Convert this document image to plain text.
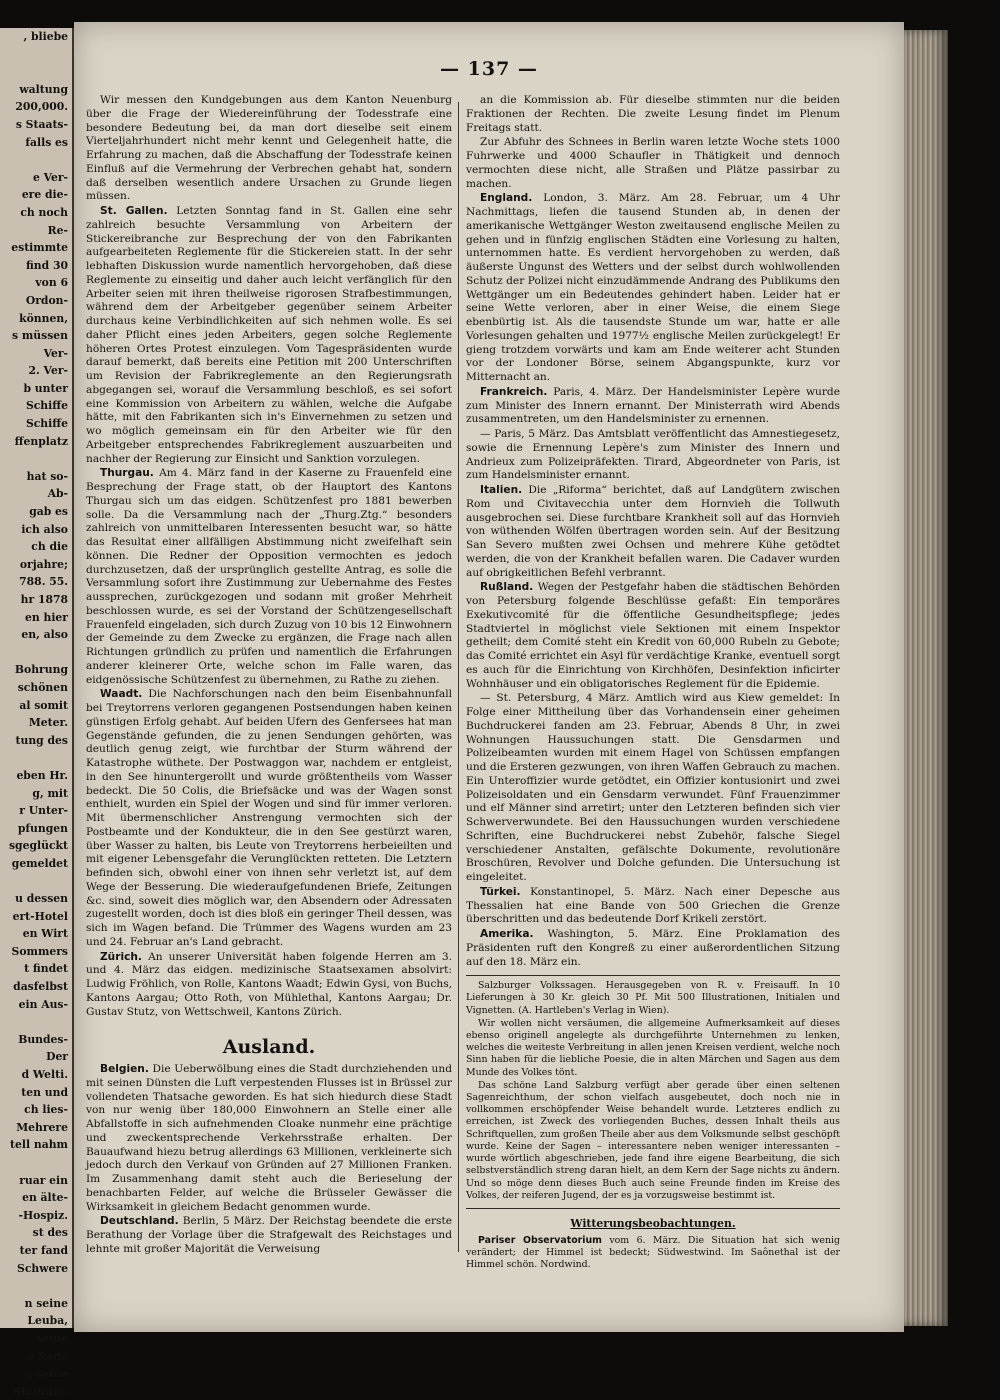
, bliebe

waltung
200,000.
s Staats-
falls es

e Ver-
ere die-
ch noch
Re-
estimmte
find 30
von 6
Ordon-
können,
s müssen
Ver-
2. Ver-
b unter
Schiffe
Schiffe
ffenplatz

hat so-
Ab-
gab es
ich also
ch die
orjahre;
788. 55.
hr 1878
en hier
en, also

Bohrung
schönen
al somit
Meter.
tung des

eben Hr.
g, mit
r Unter-
pfungen
sgeglückt
gemeldet

u dessen
ert-Hotel
en Wirt
Sommers
t findet
dasfelbst
ein Aus-

Bundes-
Der
d Welti.
ten und
ch lies-
Mehrere
tell nahm

ruar ein
en älte-
-Hospiz.
st des
ter fand
Schwere

n seine
Leuba,
seine
e Rede
g seine
Stellung.
— 137 —

Wir messen den Kundgebungen aus dem Kanton Neuenburg über die Frage der Wiedereinführung der Todesstrafe eine besondere Bedeutung bei, da man dort dieselbe seit einem Vierteljahrhundert nicht mehr kennt und Gelegenheit hatte, die Erfahrung zu machen, daß die Abschaffung der Todesstrafe keinen Einfluß auf die Vermehrung der Verbrechen gehabt hat, sondern daß derselben wesentlich andere Ursachen zu Grunde liegen müssen.

St. Gallen. Letzten Sonntag fand in St. Gallen eine sehr zahlreich besuchte Versammlung von Arbeitern der Stickereibranche zur Besprechung der von den Fabrikanten aufgearbeiteten Reglemente für die Stickereien statt. In der sehr lebhaften Diskussion wurde namentlich hervorgehoben, daß diese Reglemente zu einseitig und daher auch leicht verfänglich für den Arbeiter seien mit ihren theilweise rigorosen Strafbestimmungen, während dem der Arbeitgeber gegenüber seinem Arbeiter durchaus keine Verbindlichkeiten auf sich nehmen wolle. Es sei daher Pflicht eines jeden Arbeiters, gegen solche Reglemente höheren Ortes Protest einzulegen. Vom Tagespräsidenten wurde darauf bemerkt, daß bereits eine Petition mit 200 Unterschriften um Revision der Fabrikreglemente an den Regierungsrath abgegangen sei, worauf die Versammlung beschloß, es sei sofort eine Kommission von Arbeitern zu wählen, welche die Aufgabe hätte, mit den Fabrikanten sich in's Einvernehmen zu setzen und wo möglich gemeinsam ein für den Arbeiter wie für den Arbeitgeber entsprechendes Fabrikreglement auszuarbeiten und nachher der Regierung zur Einsicht und Sanktion vorzulegen.

Thurgau. Am 4. März fand in der Kaserne zu Frauenfeld eine Besprechung der Frage statt, ob der Hauptort des Kantons Thurgau sich um das eidgen. Schützenfest pro 1881 bewerben solle. Da die Versammlung nach der „Thurg.Ztg.“ besonders zahlreich von unmittelbaren Interessenten besucht war, so hätte das Resultat einer allfälligen Abstimmung nicht zweifelhaft sein können. Die Redner der Opposition vermochten es jedoch durchzusetzen, daß der ursprünglich gestellte Antrag, es solle die Versammlung sofort ihre Zustimmung zur Uebernahme des Festes aussprechen, zurückgezogen und sodann mit großer Mehrheit beschlossen wurde, es sei der Vorstand der Schützengesellschaft Frauenfeld eingeladen, sich durch Zuzug von 10 bis 12 Einwohnern der Gemeinde zu dem Zwecke zu ergänzen, die Frage nach allen Richtungen gründlich zu prüfen und namentlich die Erfahrungen anderer kleinerer Orte, welche schon im Falle waren, das eidgenössische Schützenfest zu übernehmen, zu Rathe zu ziehen.

Waadt. Die Nachforschungen nach den beim Eisenbahnunfall bei Treytorrens verloren gegangenen Postsendungen haben keinen günstigen Erfolg gehabt. Auf beiden Ufern des Genfersees hat man Gegenstände gefunden, die zu jenen Sendungen gehörten, was deutlich genug zeigt, wie furchtbar der Sturm während der Katastrophe wüthete. Der Postwaggon war, nachdem er entgleist, in den See hinuntergerollt und wurde größtentheils vom Wasser bedeckt. Die 50 Colis, die Briefsäcke und was der Wagen sonst enthielt, wurden ein Spiel der Wogen und sind für immer verloren. Mit übermenschlicher Anstrengung vermochten sich der Postbeamte und der Kondukteur, die in den See gestürzt waren, über Wasser zu halten, bis Leute von Treytorrens herbeieilten und mit eigener Lebensgefahr die Verunglückten retteten. Die Letztern befinden sich, obwohl einer von ihnen sehr verletzt ist, auf dem Wege der Besserung. Die wiederaufgefundenen Briefe, Zeitungen &c. sind, soweit dies möglich war, den Absendern oder Adressaten zugestellt worden, doch ist dies bloß ein geringer Theil dessen, was sich im Wagen befand. Die Trümmer des Wagens wurden am 23 und 24. Februar an's Land gebracht.

Zürich. An unserer Universität haben folgende Herren am 3. und 4. März das eidgen. medizinische Staatsexamen absolvirt: Ludwig Fröhlich, von Rolle, Kantons Waadt; Edwin Gysi, von Buchs, Kantons Aargau; Otto Roth, von Mühlethal, Kantons Aargau; Dr. Gustav Stutz, von Wettschweil, Kantons Zürich.

Ausland.

Belgien. Die Ueberwölbung eines die Stadt durchziehenden und mit seinen Dünsten die Luft verpestenden Flusses ist in Brüssel zur vollendeten Thatsache geworden. Es hat sich hiedurch diese Stadt von nur wenig über 180,000 Einwohnern an Stelle einer alle Abfallstoffe in sich aufnehmenden Cloake nunmehr eine prächtige und zweckentsprechende Verkehrsstraße erhalten. Der Bauaufwand hiezu betrug allerdings 63 Millionen, verkleinerte sich jedoch durch den Verkauf von Gründen auf 27 Millionen Franken. Im Zusammenhang damit steht auch die Berieselung der benachbarten Felder, auf welche die Brüsseler Gewässer die Wirksamkeit in gleichem Bedacht genommen wurde.

Deutschland. Berlin, 5 März. Der Reichstag beendete die erste Berathung der Vorlage über die Strafgewalt des Reichstages und lehnte mit großer Majorität die Verweisung

an die Kommission ab. Für dieselbe stimmten nur die beiden Fraktionen der Rechten. Die zweite Lesung findet im Plenum Freitags statt.

Zur Abfuhr des Schnees in Berlin waren letzte Woche stets 1000 Fuhrwerke und 4000 Schaufler in Thätigkeit und dennoch vermochten diese nicht, alle Straßen und Plätze passirbar zu machen.

England. London, 3. März. Am 28. Februar, um 4 Uhr Nachmittags, liefen die tausend Stunden ab, in denen der amerikanische Wettgänger Weston zweitausend englische Meilen zu gehen und in fünfzig englischen Städten eine Vorlesung zu halten, unternommen hatte. Es verdient hervorgehoben zu werden, daß äußerste Ungunst des Wetters und der selbst durch wohlwollenden Schutz der Polizei nicht einzudämmende Andrang des Publikums den Wettgänger um ein Bedeutendes gehindert haben. Leider hat er seine Wette verloren, aber in einer Weise, die einem Siege ebenbürtig ist. Als die tausendste Stunde um war, hatte er alle Vorlesungen gehalten und 1977½ englische Meilen zurückgelegt! Er gieng trotzdem vorwärts und kam am Ende weiterer acht Stunden vor der Londoner Börse, seinem Abgangspunkte, kurz vor Mitternacht an.

Frankreich. Paris, 4. März. Der Handelsminister Lepère wurde zum Minister des Innern ernannt. Der Ministerrath wird Abends zusammentreten, um den Handelsminister zu ernennen.

— Paris, 5 März. Das Amtsblatt veröffentlicht das Amnestiegesetz, sowie die Ernennung Lepère's zum Minister des Innern und Andrieux zum Polizeipräfekten. Tirard, Abgeordneter von Paris, ist zum Handelsminister ernannt.

Italien. Die „Riforma“ berichtet, daß auf Landgütern zwischen Rom und Civitavecchia unter dem Hornvieh die Tollwuth ausgebrochen sei. Diese furchtbare Krankheit soll auf das Hornvieh von wüthenden Wölfen übertragen worden sein. Auf der Besitzung San Severo mußten zwei Ochsen und mehrere Kühe getödtet werden, die von der Krankheit befallen waren. Die Cadaver wurden auf obrigkeitlichen Befehl verbrannt.

Rußland. Wegen der Pestgefahr haben die städtischen Behörden von Petersburg folgende Beschlüsse gefaßt: Ein temporäres Exekutivcomité für die öffentliche Gesundheitspflege; jedes Stadtviertel in möglichst viele Sektionen mit einem Inspektor getheilt; dem Comité steht ein Kredit von 60,000 Rubeln zu Gebote; das Comité errichtet ein Asyl für verdächtige Kranke, eventuell sorgt es auch für die Einrichtung von Kirchhöfen, Desinfektion inficirter Wohnhäuser und ein obligatorisches Reglement für die Epidemie.

— St. Petersburg, 4 März. Amtlich wird aus Kiew gemeldet: In Folge einer Mittheilung über das Vorhandensein einer geheimen Buchdruckerei fanden am 23. Februar, Abends 8 Uhr, in zwei Wohnungen Haussuchungen statt. Die Gensdarmen und Polizeibeamten wurden mit einem Hagel von Schüssen empfangen und die Ersteren gezwungen, von ihren Waffen Gebrauch zu machen. Ein Unteroffizier wurde getödtet, ein Offizier kontusionirt und zwei Polizeisoldaten und ein Gensdarm verwundet. Fünf Frauenzimmer und elf Männer sind arretirt; unter den Letzteren befinden sich vier Schwerverwundete. Bei den Haussuchungen wurden verschiedene Schriften, eine Buchdruckerei nebst Zubehör, falsche Siegel verschiedener Anstalten, gefälschte Dokumente, revolutionäre Broschüren, Revolver und Dolche gefunden. Die Untersuchung ist eingeleitet.

Türkei. Konstantinopel, 5. März. Nach einer Depesche aus Thessalien hat eine Bande von 500 Griechen die Grenze überschritten und das bedeutende Dorf Krikeli zerstört.

Amerika. Washington, 5. März. Eine Proklamation des Präsidenten ruft den Kongreß zu einer außerordentlichen Sitzung auf den 18. März ein.

Salzburger Volkssagen. Herausgegeben von R. v. Freisauff. In 10 Lieferungen à 30 Kr. gleich 30 Pf. Mit 500 Illustrationen, Initialen und Vignetten. (A. Hartleben's Verlag in Wien).

Wir wollen nicht versäumen, die allgemeine Aufmerksamkeit auf dieses ebenso originell angelegte als durchgeführte Unternehmen zu lenken, welches die weiteste Verbreitung in allen jenen Kreisen verdient, welche noch Sinn haben für die liebliche Poesie, die in alten Märchen und Sagen aus dem Munde des Volkes tönt.

Das schöne Land Salzburg verfügt aber gerade über einen seltenen Sagenreichthum, der schon vielfach ausgebeutet, doch noch nie in vollkommen erschöpfender Weise behandelt wurde. Letzteres endlich zu erreichen, ist Zweck des vorliegenden Buches, dessen Inhalt theils aus Schriftquellen, zum großen Theile aber aus dem Volksmunde selbst geschöpft wurde. Keine der Sagen – interessantere neben weniger interessanten – wurde wörtlich abgeschrieben, jede fand ihre eigene Bearbeitung, die sich selbstverständlich streng daran hielt, an dem Kern der Sage nichts zu ändern. Und so möge denn dieses Buch auch seine Freunde finden im Kreise des Volkes, der reiferen Jugend, der es ja vorzugsweise bestimmt ist.

Witterungsbeobachtungen.

Pariser Observatorium vom 6. März. Die Situation hat sich wenig verändert; der Himmel ist bedeckt; Südwestwind. Im Saônethal ist der Himmel schön. Nordwind.
